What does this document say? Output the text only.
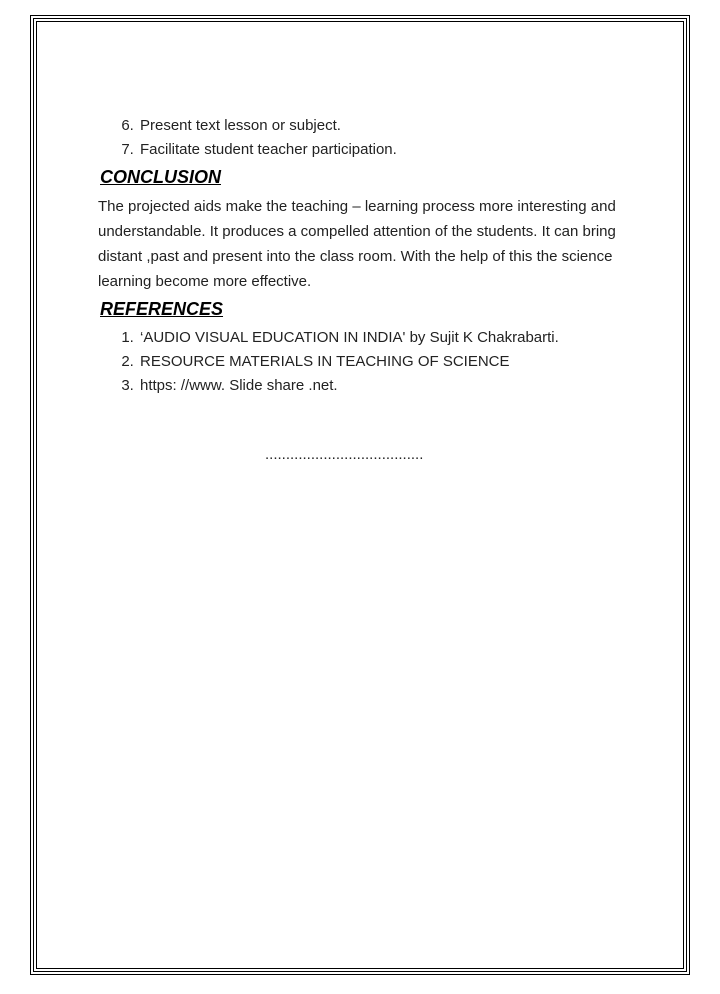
6. Present text lesson or subject.
7. Facilitate student teacher participation.
CONCLUSION

The projected aids make the teaching – learning process more interesting and understandable. It produces a compelled attention of the students. It can bring distant ,past and present into the class room. With the help of this the science learning become more effective.

REFERENCES
1. ‘AUDIO VISUAL EDUCATION IN INDIA' by Sujit K Chakrabarti.
2. RESOURCE MATERIALS IN TEACHING OF SCIENCE
3. https: //www. Slide share .net.
......................................
